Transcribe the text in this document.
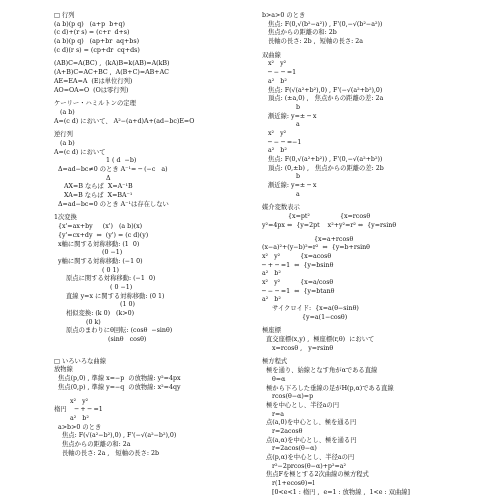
□ 行列
(a b)(p q)   (a+p  b+q)
(c d)+(r s) = (c+r  d+s)
(a b)(p q)   (ap+br  aq+bs)
(c d)(r s) = (cp+dr  cq+ds)
(AB)C=A(BC) ,  (kA)B=k(AB)=A(kB)
(A+B)C=AC+BC ,  A(B+C)=AB+AC
AE=EA=A  (Eは単位行列)
AO=OA=O  (Oは零行列)
ケーリー・ハミルトンの定理
(a b)
A=(c d) において、 A²−(a+d)A+(ad−bc)E=O
逆行列
(a b)
A=(c d) において
1 ( d  −b)
Δ=ad−bc≠0 のとき A⁻¹= ─ (−c   a)
Δ
AX=B ならば  X=A⁻¹B
XA=B ならば  X=BA⁻¹
Δ=ad−bc=0 のとき A⁻¹は存在しない
1次変換
{x'=ax+by     (x')   (a b)(x)
{y'=cx+dy  ⇔  (y') = (c d)(y)
x軸に関する対称移動: (1  0)
(0 −1)
y軸に関する対称移動: (−1 0)
( 0 1)
原点に関する対称移動: (−1  0)
( 0 −1)
直線 y=x に関する対称移動: (0 1)
(1 0)
相似変換: (k 0)   (k>0)
(0 k)
原点のまわりにθ回転: (cosθ  −sinθ)
(sinθ   cosθ)
□ いろいろな曲線
放物線
焦点(p,0) , 準線 x=−p  の放物線: y²=4px
焦点(0,p) , 準線 y=−q  の放物線: x²=4qy
x²   y²
楕円    ─ + ─ =1
a²   b²
a>b>0 のとき
焦点: F(√(a²−b²),0) , F'(−√(a²−b²),0)
焦点からの距離の和: 2a
長軸の長さ: 2a ,   短軸の長さ: 2b
b>a>0 のとき
焦点: F(0,√(b²−a²)) , F'(0,−√(b²−a²))
焦点からの距離の和: 2b
長軸の長さ: 2b ,  短軸の長さ: 2a
双曲線
x²   y²
─ − ─ =1
a²   b²
焦点: F(√(a²+b²),0) , F'(−√(a²+b²),0)
頂点: (±a,0) ,   焦点からの距離の差: 2a
b
漸近線: y=± ─ x
a
x²   y²
─ − ─ =−1
a²   b²
焦点: F(0,√(a²+b²)) , F'(0,−√(a²+b²))
頂点: (0,±b) ,   焦点からの距離の差: 2b
b
漸近線: y=± ─ x
a
媒介変数表示
{x=pt²               {x=rcosθ
y²=4px ⇔  {y=2pt    x²+y²=r² ⇔  {y=rsinθ
{x=a+rcosθ
(x−a)²+(y−b)²=r²  ⇔  {y=b+rsinθ
x²   y²          {x=acosθ
─ + ─ =1  ⇔  {y=bsinθ
a²   b²
x²   y²          {x=a/cosθ
─ − ─ =1  ⇔  {y=btanθ
a²   b²
サイクロイド:  {x=a(θ−sinθ)
{y=a(1−cosθ)
極座標
直交座標(x,y) ,  極座標(r,θ)  において
x=rcosθ ,   y=rsinθ
極方程式
極を通り、始線となす角がαである直線
θ=α
極から下ろした垂線の足がH(p,α)である直線
rcos(θ−α)=p
極を中心とし、半径aの円
r=a
点(a,0)を中心とし、極を通る円
r=2acosθ
点(a,α)を中心とし、極を通る円
r=2acos(θ−α)
点(p,α)を中心とし、半径aの円
r²−2prcos(θ−α)+p²=a²
焦点Fを極とする2次曲線の極方程式
r(1+ecosθ)=l
[0<e<1 : 楕円 ,  e=1 : 放物線 ,  1<e : 双曲線]
